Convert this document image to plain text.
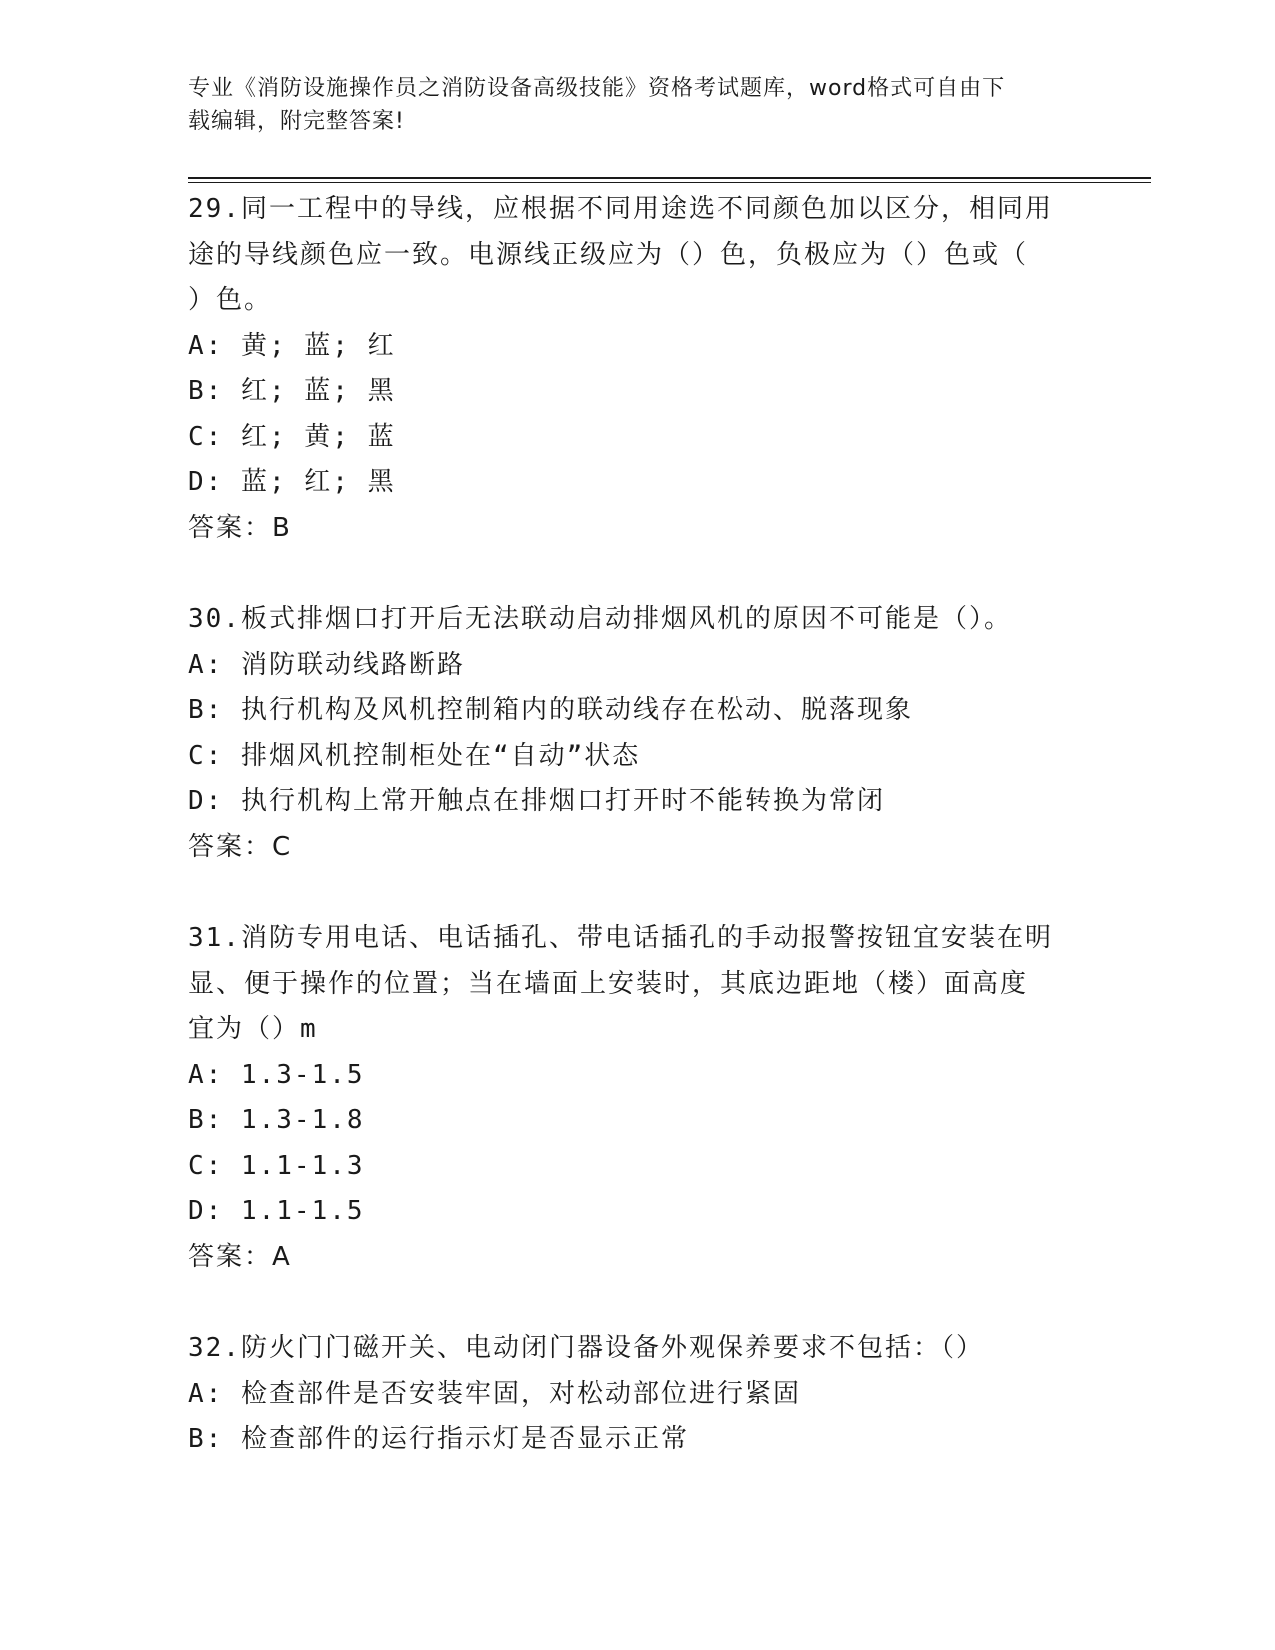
专业《消防设施操作员之消防设备高级技能》资格考试题库，word格式可自由下
载编辑，附完整答案!
29.同一工程中的导线，应根据不同用途选不同颜色加以区分，相同用
途的导线颜色应一致。电源线正级应为（）色，负极应为（）色或（
）色。
A: 黄; 蓝; 红
B: 红; 蓝; 黑
C: 红; 黄; 蓝
D: 蓝; 红; 黑
答案：B
30.板式排烟口打开后无法联动启动排烟风机的原因不可能是（）。
A: 消防联动线路断路
B: 执行机构及风机控制箱内的联动线存在松动、脱落现象
C: 排烟风机控制柜处在“自动”状态
D: 执行机构上常开触点在排烟口打开时不能转换为常闭
答案：C
31.消防专用电话、电话插孔、带电话插孔的手动报警按钮宜安装在明
显、便于操作的位置；当在墙面上安装时，其底边距地（楼）面高度
宜为（）m
A: 1.3-1.5
B: 1.3-1.8
C: 1.1-1.3
D: 1.1-1.5
答案：A
32.防火门门磁开关、电动闭门器设备外观保养要求不包括：（）
A: 检查部件是否安装牢固，对松动部位进行紧固
B: 检查部件的运行指示灯是否显示正常
